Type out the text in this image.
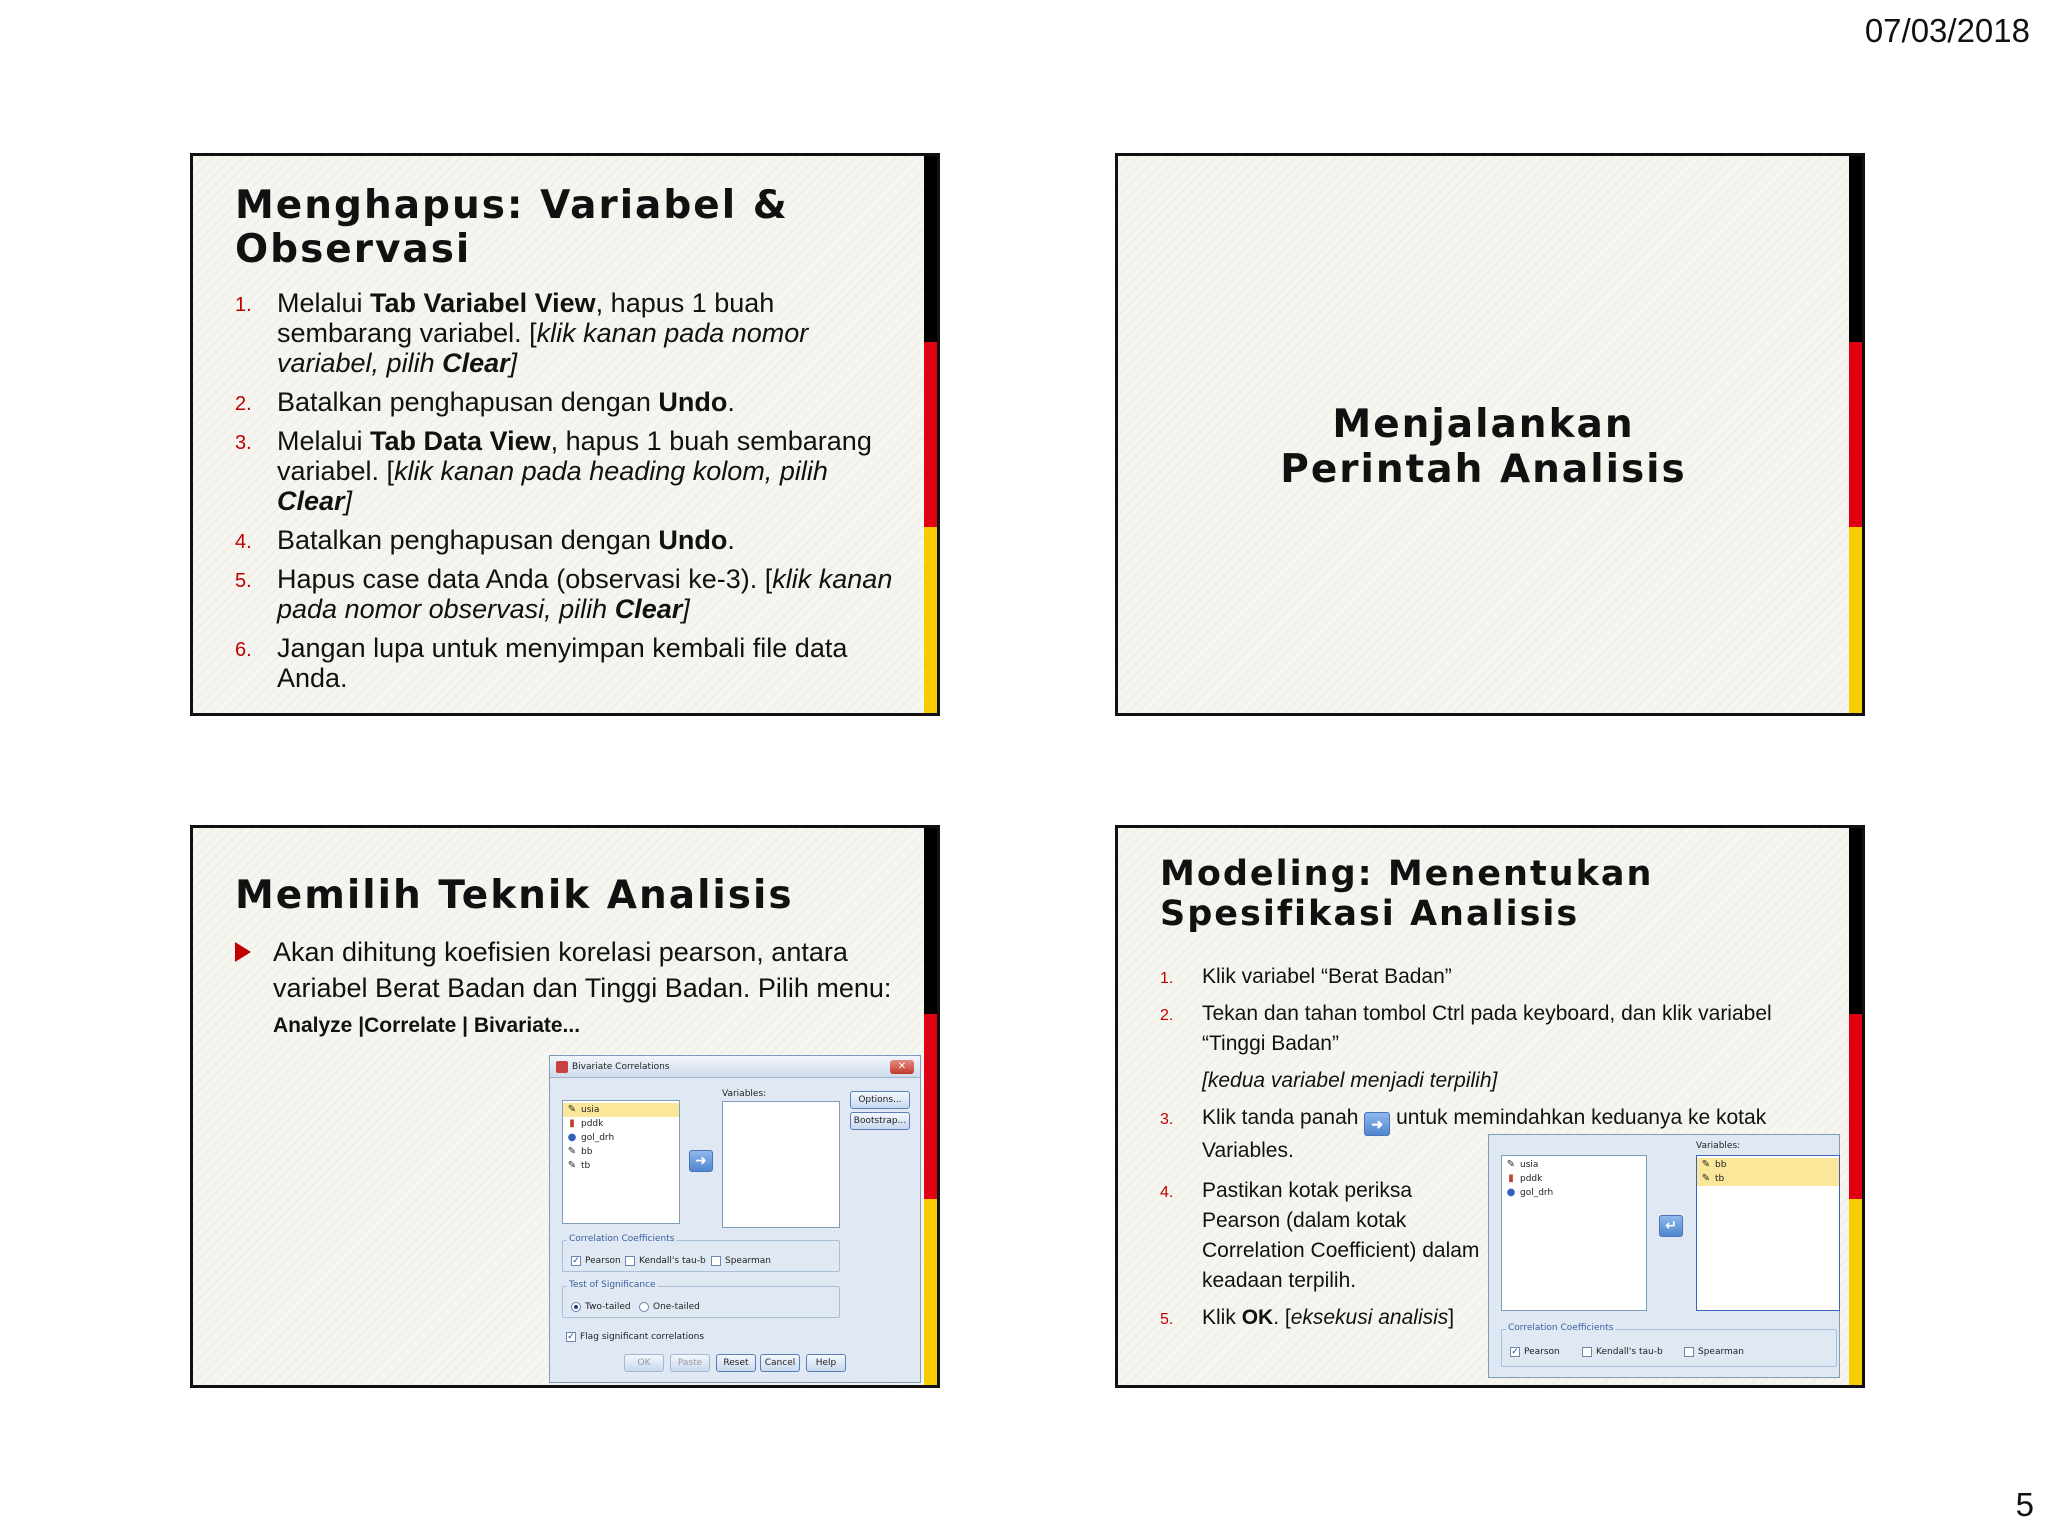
07/03/2018
Menghapus: Variabel & Observasi
1. Melalui Tab Variabel View, hapus 1 buah sembarang variabel. [klik kanan pada nomor variabel, pilih Clear]
2. Batalkan penghapusan dengan Undo.
3. Melalui Tab Data View, hapus 1 buah sembarang variabel. [klik kanan pada heading kolom, pilih Clear]
4. Batalkan penghapusan dengan Undo.
5. Hapus case data Anda (observasi ke-3). [klik kanan pada nomor observasi, pilih Clear]
6. Jangan lupa untuk menyimpan kembali file data Anda.
Menjalankan
Perintah Analisis
Memilih Teknik Analisis
Akan dihitung koefisien korelasi pearson, antara variabel Berat Badan dan Tinggi Badan. Pilih menu:
Analyze |Correlate | Bivariate...
Bivariate Correlations	✕
Variables:
✎ usia
▮ pddk
● gol_drh
✎ bb
✎ tb	➜
Options...
Bootstrap...
Correlation Coefficients
✓ Pearson	Kendall's tau-b	Spearman
Test of Significance
Two-tailed	One-tailed
✓ Flag significant correlations
OK	Paste	Reset	Cancel	Help
Modeling: Menentukan
Spesifikasi Analisis
1. Klik variabel “Berat Badan”
2. Tekan dan tahan tombol Ctrl pada keyboard, dan klik variabel “Tinggi Badan”
[kedua variabel menjadi terpilih]
3. Klik tanda panah ➜ untuk memindahkan keduanya ke kotak Variables.
4. Pastikan kotak periksa Pearson (dalam kotak Correlation Coefficient) dalam keadaan terpilih.
5. Klik OK. [eksekusi analisis]
Variables:
✎ usia
▮ pddk
● gol_drh
↵
✎ bb
✎ tb
Correlation Coefficients
✓ Pearson	Kendall's tau-b	Spearman
5
